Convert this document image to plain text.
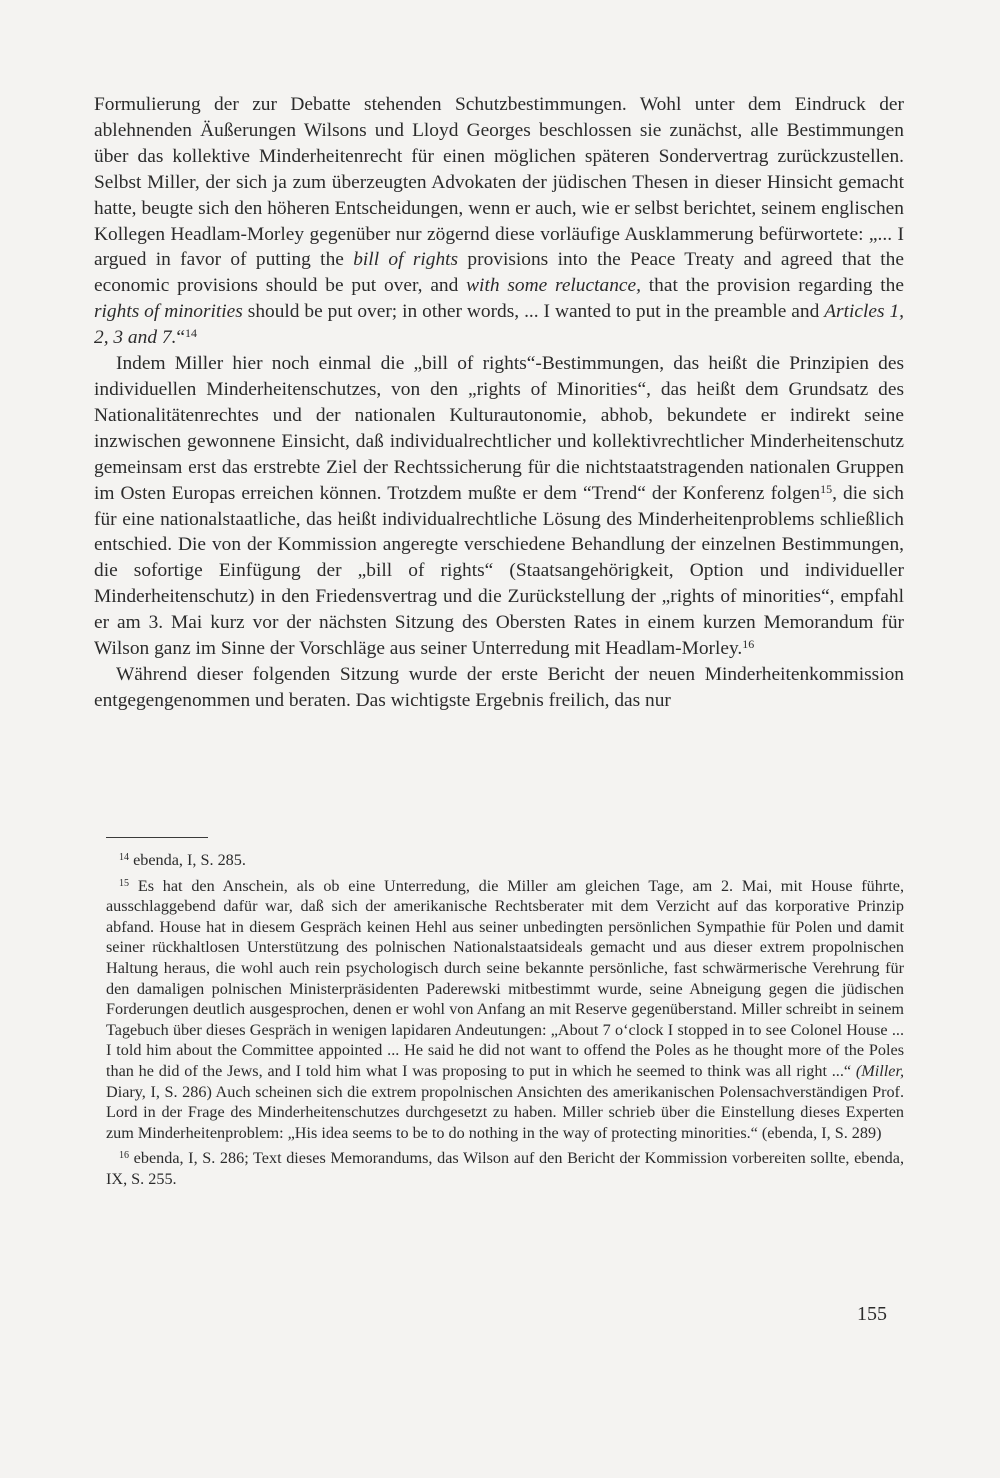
Formulierung der zur Debatte stehenden Schutzbestimmungen. Wohl unter dem Eindruck der ablehnenden Äußerungen Wilsons und Lloyd Georges beschlossen sie zunächst, alle Bestimmungen über das kollektive Minderheitenrecht für einen möglichen späteren Sondervertrag zurückzustellen. Selbst Miller, der sich ja zum überzeugten Advokaten der jüdischen Thesen in dieser Hinsicht gemacht hatte, beugte sich den höheren Entscheidungen, wenn er auch, wie er selbst berichtet, seinem englischen Kollegen Headlam-Morley gegenüber nur zögernd diese vorläufige Ausklammerung befürwortete: „... I argued in favor of putting the bill of rights provisions into the Peace Treaty and agreed that the economic provisions should be put over, and with some reluctance, that the provision regarding the rights of minorities should be put over; in other words, ... I wanted to put in the preamble and Articles 1, 2, 3 and 7.“$^{14}$

Indem Miller hier noch einmal die „bill of rights“-Bestimmungen, das heißt die Prinzipien des individuellen Minderheitenschutzes, von den „rights of Minorities“, das heißt dem Grundsatz des Nationalitätenrechtes und der nationalen Kulturautonomie, abhob, bekundete er indirekt seine inzwischen gewonnene Einsicht, daß individualrechtlicher und kollektivrechtlicher Minderheitenschutz gemeinsam erst das erstrebte Ziel der Rechtssicherung für die nichtstaatstragenden nationalen Gruppen im Osten Europas erreichen können. Trotzdem mußte er dem “Trend“ der Konferenz folgen$^{15}$, die sich für eine nationalstaatliche, das heißt individualrechtliche Lösung des Minderheitenproblems schließlich entschied. Die von der Kommission angeregte verschiedene Behandlung der einzelnen Bestimmungen, die sofortige Einfügung der „bill of rights“ (Staatsangehörigkeit, Option und individueller Minderheitenschutz) in den Friedensvertrag und die Zurückstellung der „rights of minorities“, empfahl er am 3. Mai kurz vor der nächsten Sitzung des Obersten Rates in einem kurzen Memorandum für Wilson ganz im Sinne der Vorschläge aus seiner Unterredung mit Headlam-Morley.$^{16}$

Während dieser folgenden Sitzung wurde der erste Bericht der neuen Minderheitenkommission entgegengenommen und beraten. Das wichtigste Ergebnis freilich, das nur

$^{14}$ ebenda, I, S. 285.

$^{15}$ Es hat den Anschein, als ob eine Unterredung, die Miller am gleichen Tage, am 2. Mai, mit House führte, ausschlaggebend dafür war, daß sich der amerikanische Rechtsberater mit dem Verzicht auf das korporative Prinzip abfand. House hat in diesem Gespräch keinen Hehl aus seiner unbedingten persönlichen Sympathie für Polen und damit seiner rückhaltlosen Unterstützung des polnischen Nationalstaatsideals gemacht und aus dieser extrem propolnischen Haltung heraus, die wohl auch rein psychologisch durch seine bekannte persönliche, fast schwärmerische Verehrung für den damaligen polnischen Ministerpräsidenten Paderewski mitbestimmt wurde, seine Abneigung gegen die jüdischen Forderungen deutlich ausgesprochen, denen er wohl von Anfang an mit Reserve gegenüberstand. Miller schreibt in seinem Tagebuch über dieses Gespräch in wenigen lapidaren Andeutungen: „About 7 o‘clock I stopped in to see Colonel House ... I told him about the Committee appointed ... He said he did not want to offend the Poles as he thought more of the Poles than he did of the Jews, and I told him what I was proposing to put in which he seemed to think was all right ...“ (Miller, Diary, I, S. 286) Auch scheinen sich die extrem propolnischen Ansichten des amerikanischen Polensachverständigen Prof. Lord in der Frage des Minderheitenschutzes durchgesetzt zu haben. Miller schrieb über die Einstellung dieses Experten zum Minderheitenproblem: „His idea seems to be to do nothing in the way of protecting minorities.“ (ebenda, I, S. 289)

$^{16}$ ebenda, I, S. 286; Text dieses Memorandums, das Wilson auf den Bericht der Kommission vorbereiten sollte, ebenda, IX, S. 255.

155
